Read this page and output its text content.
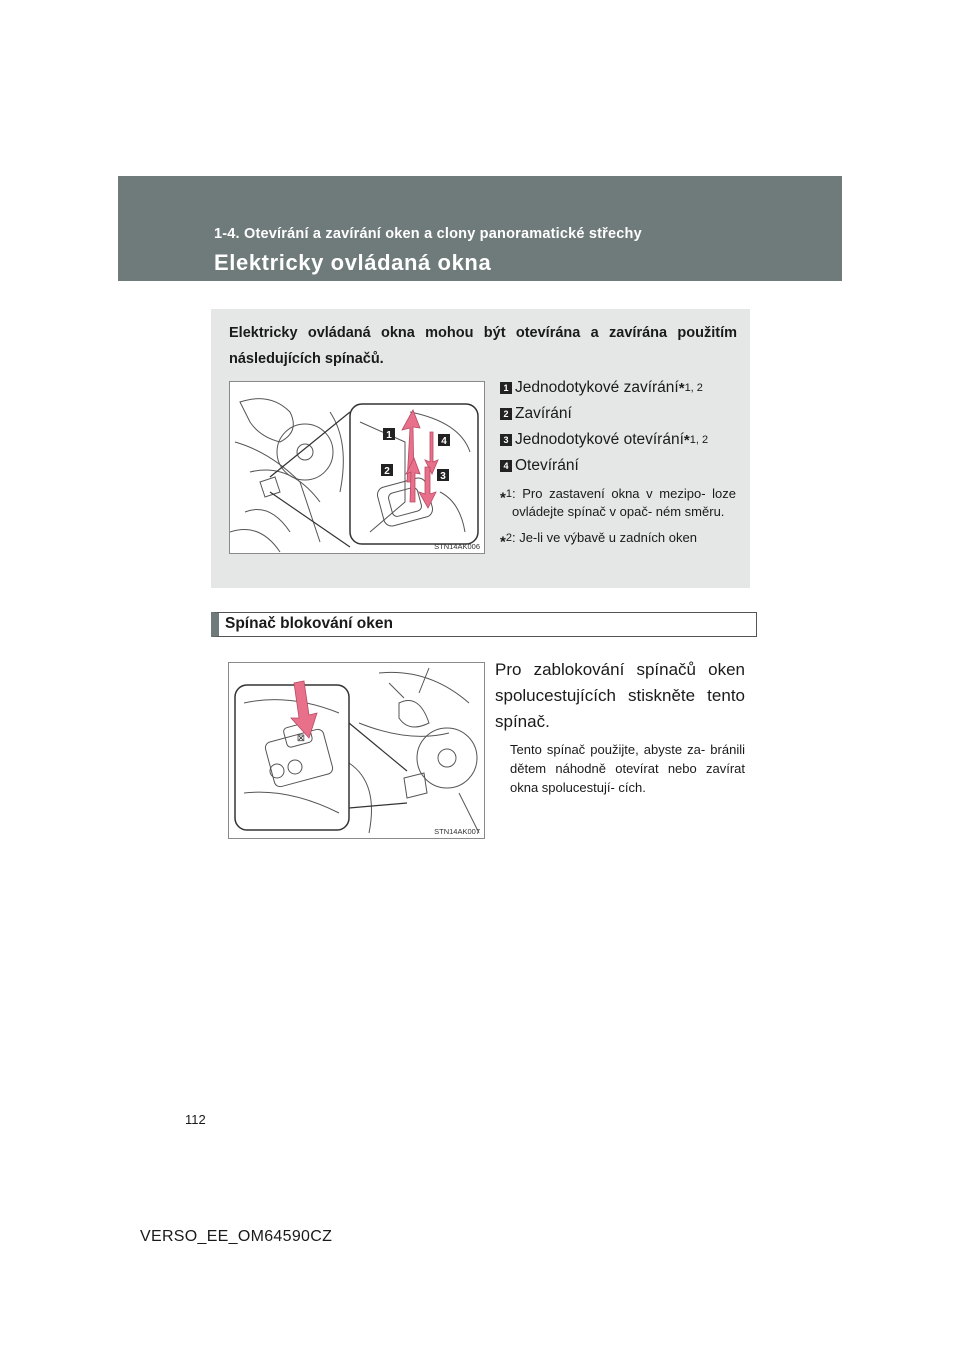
1-4. Otevírání a zavírání oken a clony panoramatické střechy
Elektricky ovládaná okna
Elektricky ovládaná okna mohou být otevírána a zavírána použitím následujících spínačů.
1
4
2	3
STN14AK006
1 Jednodotykové zavírání * 1, 2
2 Zavírání
3 Jednodotykové otevírání * 1, 2
4 Otevírání
*$^1$ : Pro zastavení okna v mezipo- loze ovládejte spínač v opač- ném směru.
*$^2$ : Je-li ve výbavě u zadních oken
Spínač blokování oken
⊠
STN14AK007
Pro zablokování spínačů oken spolucestujících stiskněte tento spínač.
Tento spínač použijte, abyste za- bránili dětem náhodně otevírat nebo zavírat okna spolucestují- cích.
112
VERSO_EE_OM64590CZ
